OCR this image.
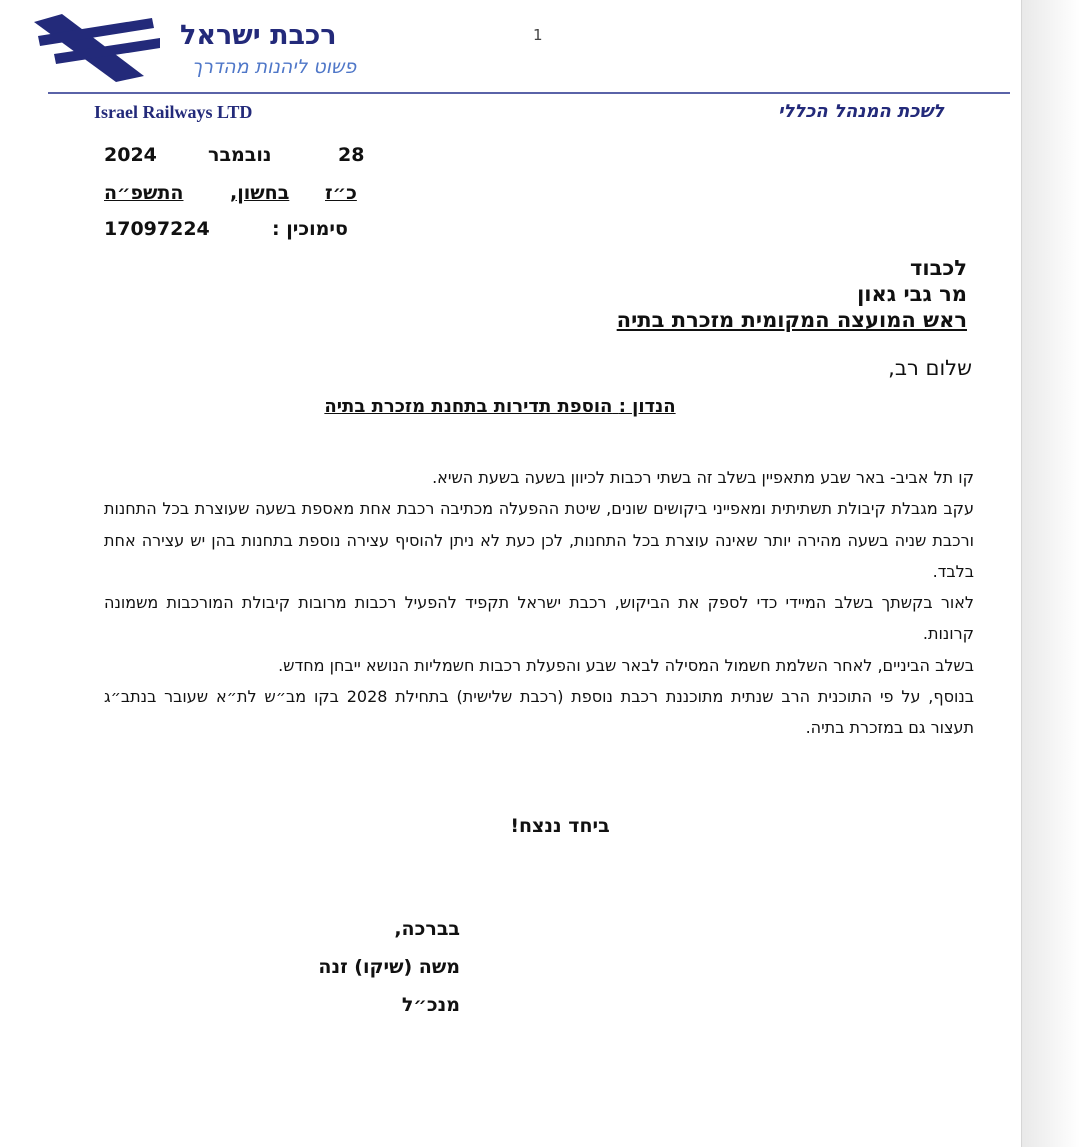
רכבת ישראל
פשוט ליהנות מהדרך
1
Israel Railways LTD	לשכת המנהל הכללי
2024	נובמבר	28
התשפ״ה בחשון, כ״ז
17097224	סימוכין :
לכבוד
מר גבי גאון
ראש המועצה המקומית מזכרת בתיה
שלום רב,
הנדון : הוספת תדירות בתחנת מזכרת בתיה

קו תל אביב- באר שבע מתאפיין בשלב זה בשתי רכבות לכיוון בשעה בשעת השיא.

עקב מגבלת קיבולת תשתיתית ומאפייני ביקושים שונים, שיטת ההפעלה מכתיבה רכבת אחת מאספת בשעה שעוצרת בכל התחנות ורכבת שניה בשעה מהירה יותר שאינה עוצרת בכל התחנות, לכן כעת לא ניתן להוסיף עצירה נוספת בתחנות בהן יש עצירה אחת בלבד.

לאור בקשתך בשלב המיידי כדי לספק את הביקוש, רכבת ישראל תקפיד להפעיל רכבות מרובות קיבולת המורכבות משמונה קרונות.

בשלב הביניים, לאחר השלמת חשמול המסילה לבאר שבע והפעלת רכבות חשמליות הנושא ייבחן מחדש.

בנוסף, על פי התוכנית הרב שנתית מתוכננת רכבת נוספת (רכבת שלישית) בתחילת 2028 בקו מב״ש לת״א שעובר בנתב״ג תעצור גם במזכרת בתיה.

ביחד ננצח!
בברכה,
משה (שיקו) זנה
מנכ״ל
